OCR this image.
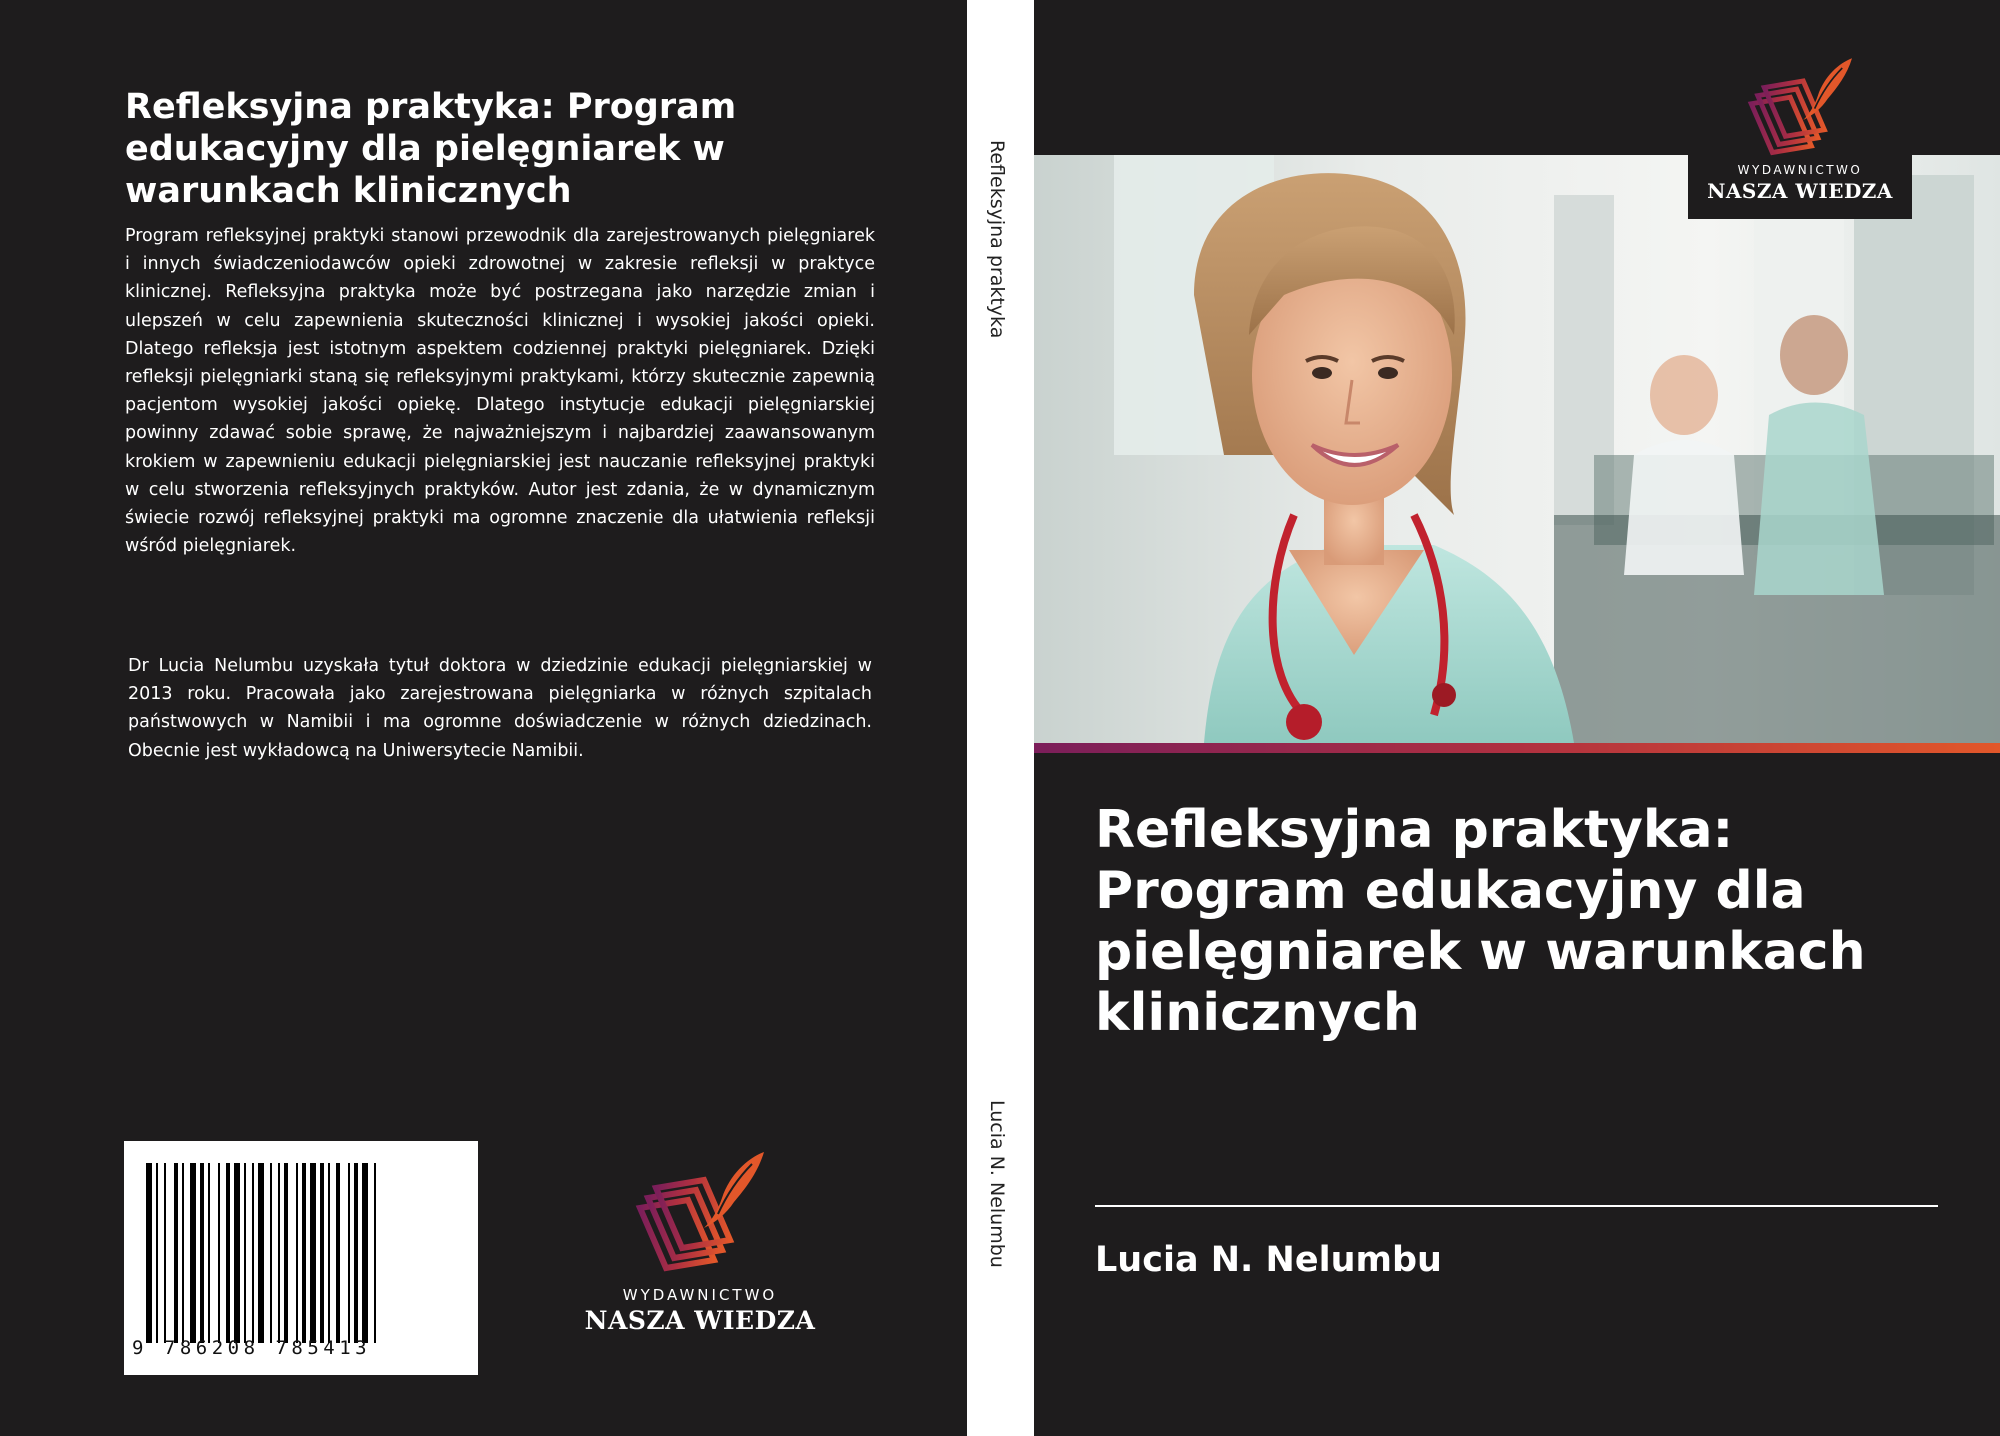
Refleksyjna praktyka: Program edukacyjny dla pielęgniarek w warunkach klinicznych

Program refleksyjnej praktyki stanowi przewodnik dla zarejestrowanych pielęgniarek i innych świadczeniodawców opieki zdrowotnej w zakresie refleksji w praktyce klinicznej. Refleksyjna praktyka może być postrzegana jako narzędzie zmian i ulepszeń w celu zapewnienia skuteczności klinicznej i wysokiej jakości opieki. Dlatego refleksja jest istotnym aspektem codziennej praktyki pielęgniarek. Dzięki refleksji pielęgniarki staną się refleksyjnymi praktykami, którzy skutecznie zapewnią pacjentom wysokiej jakości opiekę. Dlatego instytucje edukacji pielęgniarskiej powinny zdawać sobie sprawę, że najważniejszym i najbardziej zaawansowanym krokiem w zapewnieniu edukacji pielęgniarskiej jest nauczanie refleksyjnej praktyki w celu stworzenia refleksyjnych praktyków. Autor jest zdania, że w dynamicznym świecie rozwój refleksyjnej praktyki ma ogromne znaczenie dla ułatwienia refleksji wśród pielęgniarek.

Dr Lucia Nelumbu uzyskała tytuł doktora w dziedzinie edukacji pielęgniarskiej w 2013 roku. Pracowała jako zarejestrowana pielęgniarka w różnych szpitalach państwowych w Namibii i ma ogromne doświadczenie w różnych dziedzinach. Obecnie jest wykładowcą na Uniwersytecie Namibii.

9 786208 785413
WYDAWNICTWO
NASZA WIEDZA
Refleksyjna praktyka
Lucia N. Nelumbu
WYDAWNICTWO
NASZA WIEDZA
Refleksyjna praktyka: Program edukacyjny dla pielęgniarek w warunkach klinicznych

Lucia N. Nelumbu
